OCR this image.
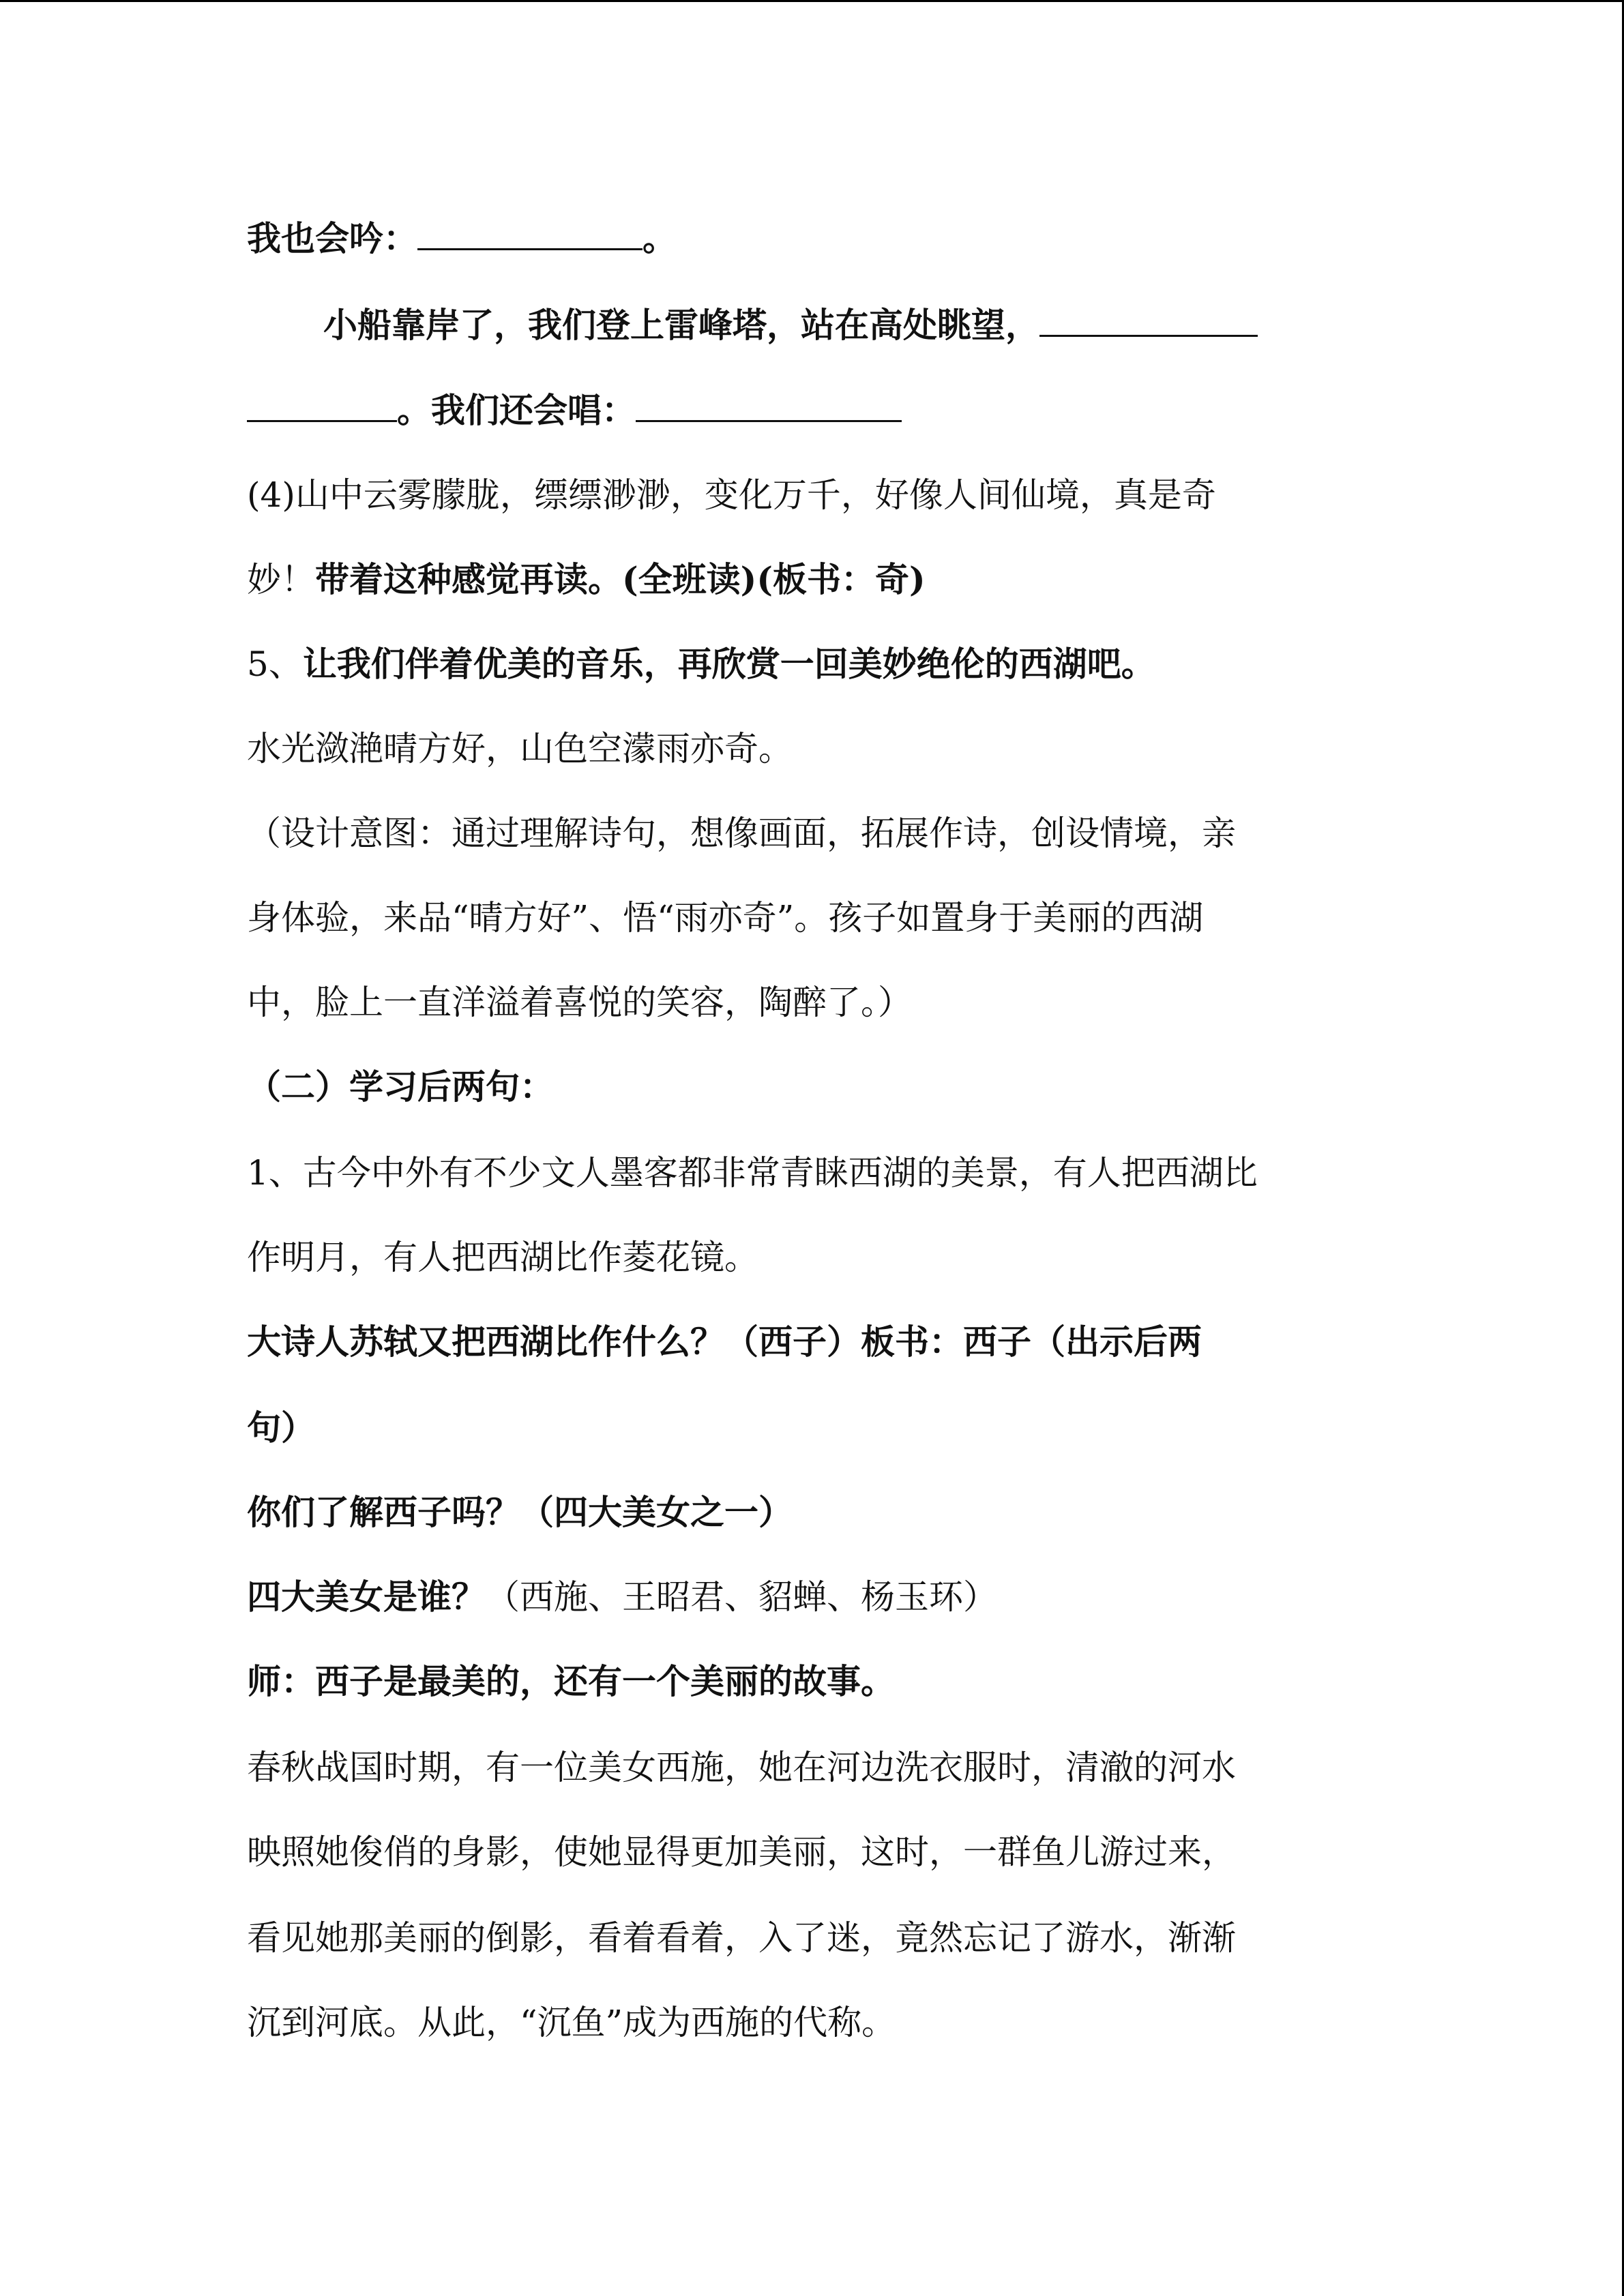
我也会吟：	。
小船靠岸了，我们登上雷峰塔，站在高处眺望，
。我们还会唱：
(4)山中云雾朦胧，缥缥渺渺，变化万千，好像人间仙境，真是奇
妙！带着这种感觉再读。(全班读)(板书：奇)
5、让我们伴着优美的音乐，再欣赏一回美妙绝伦的西湖吧。
水光潋滟晴方好，山色空濛雨亦奇。
（设计意图：通过理解诗句，想像画面，拓展作诗，创设情境，亲
身体验，来品“晴方好”、悟“雨亦奇”。孩子如置身于美丽的西湖
中，脸上一直洋溢着喜悦的笑容，陶醉了。）
（二）学习后两句：
1、古今中外有不少文人墨客都非常青睐西湖的美景，有人把西湖比
作明月，有人把西湖比作菱花镜。
大诗人苏轼又把西湖比作什么？（西子）板书：西子（出示后两
句）
你们了解西子吗？（四大美女之一）
四大美女是谁？（西施、王昭君、貂蝉、杨玉环）
师：西子是最美的，还有一个美丽的故事。
春秋战国时期，有一位美女西施，她在河边洗衣服时，清澈的河水
映照她俊俏的身影，使她显得更加美丽，这时，一群鱼儿游过来，
看见她那美丽的倒影，看着看着，入了迷，竟然忘记了游水，渐渐
沉到河底。从此，“沉鱼”成为西施的代称。
